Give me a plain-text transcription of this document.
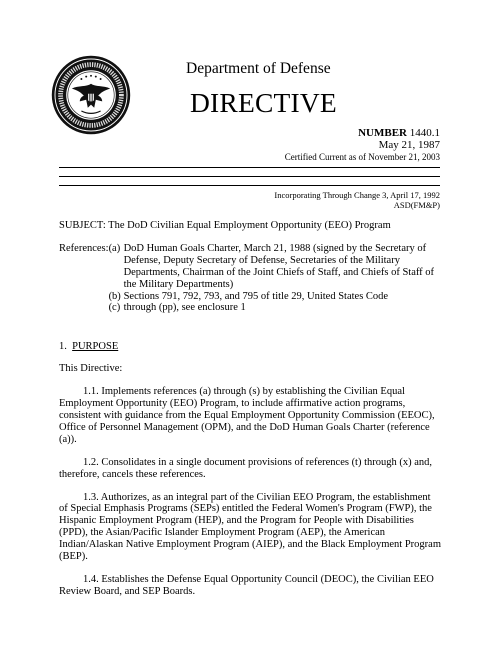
Department of Defense
DIRECTIVE
NUMBER 1440.1
May 21, 1987
Certified Current as of November 21, 2003
Incorporating Through Change 3, April 17, 1992
ASD(FM&P)

SUBJECT: The DoD Civilian Equal Employment Opportunity (EEO) Program

References: (a) DoD Human Goals Charter, March 21, 1988 (signed by the Secretary of Defense, Deputy Secretary of Defense, Secretaries of the Military Departments, Chairman of the Joint Chiefs of Staff, and Chiefs of Staff of the Military Departments)
(b) Sections 791, 792, 793, and 795 of title 29, United States Code
(c) through (pp), see enclosure 1

1. PURPOSE

This Directive:

1.1. Implements references (a) through (s) by establishing the Civilian Equal Employment Opportunity (EEO) Program, to include affirmative action programs, consistent with guidance from the Equal Employment Opportunity Commission (EEOC), Office of Personnel Management (OPM), and the DoD Human Goals Charter (reference (a)).

1.2. Consolidates in a single document provisions of references (t) through (x) and, therefore, cancels these references.

1.3. Authorizes, as an integral part of the Civilian EEO Program, the establishment of Special Emphasis Programs (SEPs) entitled the Federal Women's Program (FWP), the Hispanic Employment Program (HEP), and the Program for People with Disabilities (PPD), the Asian/Pacific Islander Employment Program (AEP), the American Indian/Alaskan Native Employment Program (AIEP), and the Black Employment Program (BEP).

1.4. Establishes the Defense Equal Opportunity Council (DEOC), the Civilian EEO Review Board, and SEP Boards.
